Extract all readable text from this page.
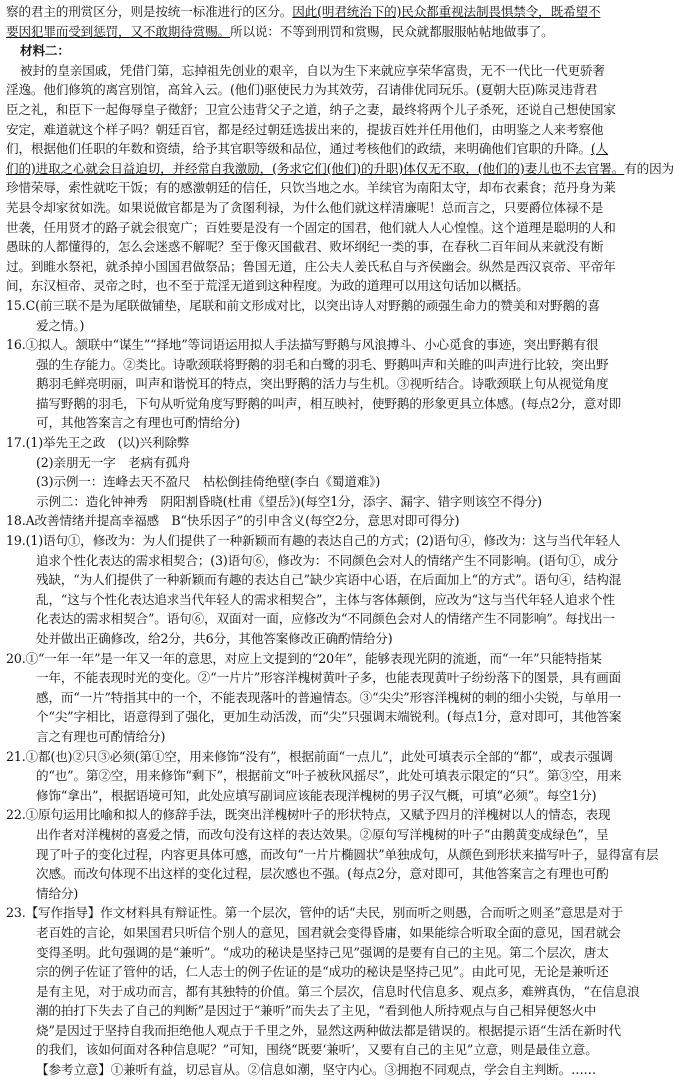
察的君主的刑赏区分，则是按统一标准进行的区分。因此(明君统治下的)民众都重视法制畏惧禁令，既希望不
要因犯罪而受到惩罚，又不敢期待赏赐。所以说：不等到刑罚和赏赐，民众就都服服帖帖地做事了。
材料二：
被封的皇亲国戚，凭借门第，忘掉祖先创业的艰辛，自以为生下来就应享荣华富贵，无不一代比一代更骄奢
淫逸。他们修筑的离宫别馆，高耸入云。(他们)驱使民力为其效劳，召请俳优同玩乐。(夏朝大臣)陈灵违背君
臣之礼，和臣下一起侮辱皇子徵舒；卫宣公违背父子之道，纳子之妻，最终将两个儿子杀死，还说自己想使国家
安定，难道就这个样子吗？朝廷百官，都是经过朝廷选拔出来的，提拔百姓并任用他们，由明鉴之人来考察他
们，根据他们任职的年数和资绩，给予其官职等级和品位，通过考核他们的政绩，来明确他们官职的升降。(人
们的)进取之心就会日益迫切，并经常自我激励，(务求它们(他们)的升职)体仅无不取，(他们的)妻儿也不去官署。有的因为
珍惜荣辱，索性就吃干饭；有的感激朝廷的信任，只饮当地之水。羊续官为南阳太守，却布衣素食；范丹身为莱
芜县令却家贫如洗。如果说做官都是为了贪图利禄，为什么他们就这样清廉呢！总而言之，只要爵位体禄不是
世袭，任用贤才的路子就会很宽广；百姓要是没有一个固定的国君，他们就人人心惶惶。这个道理是聪明的人和
愚昧的人都懂得的，怎么会迷惑不解呢？至于像灭国截君、败坏纲纪一类的事，在春秋二百年间从来就没有断
过。到睢水祭祀，就杀掉小国国君做祭品；鲁国无道，庄公夫人姜氏私自与齐侯幽会。纵然是西汉哀帝、平帝年
间，东汉桓帝、灵帝之时，也不至于荒淫无道到这种程度。为政的道理可以用这句话加以概括。
15.C(前三联不是为尾联做铺垫，尾联和前文形成对比，以突出诗人对野鹅的顽强生命力的赞美和对野鹅的喜
爱之情。)
16.①拟人。颔联中“谋生”“择地”等词语运用拟人手法描写野鹅与风浪搏斗、小心觅食的事迹，突出野鹅有很
强的生存能力。②类比。诗歌颈联将野鹅的羽毛和白鹭的羽毛、野鹅叫声和关睢的叫声进行比较，突出野
鹅羽毛鲜亮明丽，叫声和谐悦耳的特点，突出野鹅的活力与生机。③视听结合。诗歌颈联上句从视觉角度
描写野鹅的羽毛，下句从听觉角度写野鹅的叫声，相互映衬，使野鹅的形象更具立体感。(每点2分，意对即
可，其他答案言之有理也可酌情给分)
17.(1)举先王之政　(以)兴利除弊
(2)亲朋无一字　老病有孤舟
(3)示例一：连峰去天不盈尺　枯松倒挂倚绝壁(李白《蜀道难》)
示例二：造化钟神秀　阴阳割昏晓(杜甫《望岳》)(每空1分，添字、漏字、错字则该空不得分)
18.A改善情绪并提高幸福感　B“快乐因子”的引申含义(每空2分，意思对即可得分)
19.(1)语句①，修改为：为人们提供了一种新颖而有趣的表达自己的方式；(2)语句④，修改为：这与当代年轻人
追求个性化表达的需求相契合；(3)语句⑥，修改为：不同颜色会对人的情绪产生不同影响。(语句①，成分
残缺，“为人们提供了一种新颖而有趣的表达自己”缺少宾语中心语，在后面加上“的方式”。语句④，结构混
乱，“这与个性化表达追求当代年轻人的需求相契合”，主体与客体颠倒，应改为“这与当代年轻人追求个性
化表达的需求相契合”。语句⑥，双面对一面，应修改为“不同颜色会对人的情绪产生不同影响”。每找出一
处并做出正确修改，给2分，共6分，其他答案修改正确酌情给分)
20.①“一年一年”是一年又一年的意思，对应上文提到的“20年”，能够表现光阴的流逝，而“一年”只能特指某
一年，不能表现时光的变化。②“一片片”形容洋槐树黄叶子多，也能表现黄叶子纷纷落下的图景，具有画面
感，而“一片”特指其中的一个，不能表现落叶的普遍情态。③“尖尖”形容洋槐树的刺的细小尖锐，与单用一
个“尖”字相比，语意得到了强化，更加生动活泼，而“尖”只强调末端锐利。(每点1分，意对即可，其他答案
言之有理也可酌情给分)
21.①都(也)②只③必须(第①空，用来修饰“没有”，根据前面“一点儿”，此处可填表示全部的“都”，或表示强调
的“也”。第②空，用来修饰“剩下”，根据前文“叶子被秋风摇尽”，此处可填表示限定的“只”。第③空，用来
修饰“拿出”，根据语境可知，此处应填写副词应该能表现洋槐树的男子汉气概，可填“必须”。每空1分)
22.①原句运用比喻和拟人的修辞手法，既突出洋槐树叶子的形状特点，又赋予四月的洋槐树以人的情态，表现
出作者对洋槐树的喜爱之情，而改句没有这样的表达效果。②原句写洋槐树的叶子“由鹅黄变成绿色”，呈
现了叶子的变化过程，内容更具体可感，而改句“一片片椭圆状”单独成句，从颜色到形状来描写叶子，显得富有层
次感。而改句体现不出这样的变化过程，层次感也不强。(每点2分，意对即可，其他答案言之有理也可酌
情给分)
23.【写作指导】作文材料具有辩证性。第一个层次，管仲的话“夫民，别而听之则愚，合而听之则圣”意思是对于
老百姓的言论，如果国君只听信个别人的意见，国君就会变得昏庸，如果能综合听取全面的意见，国君就会
变得圣明。此句强调的是“兼听”。“成功的秘诀是坚持己见”强调的是要有自己的主见。第二个层次，唐太
宗的例子佐证了管仲的话，仁人志士的例子佐证的是“成功的秘诀是坚持己见”。由此可见，无论是兼听还
是有主见，对于成功而言，都有其独特的价值。第三个层次，信息时代信息多、观点多，难辨真伪，“在信息浪
潮的拍打下失去了自己的判断”是因过于“兼听”而失去了主见，“看到他人所持观点与自己相异便怒火中
烧”是因过于坚持自我而拒绝他人观点于千里之外，显然这两种做法都是错误的。根据提示语“生活在新时代
的我们，该如何面对各种信息呢？”可知，围绕“既要‘兼听’，又要有自己的主见”立意，则是最佳立意。
【参考立意】①兼听有益，切忌盲从。②信息如潮，坚守内心。③拥抱不同观点，学会自主判断。……
